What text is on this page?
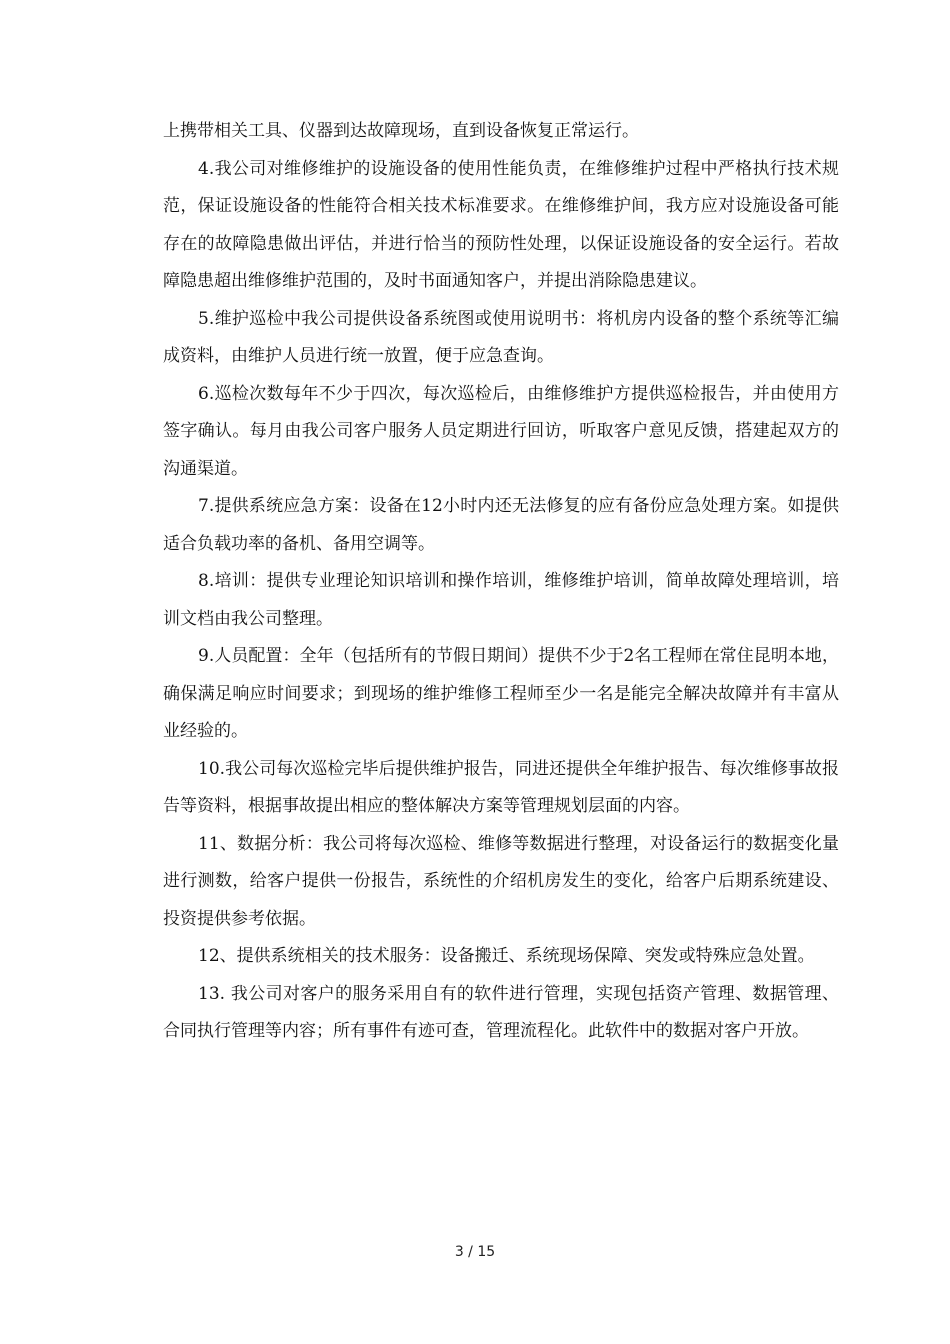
上携带相关工具、仪器到达故障现场，直到设备恢复正常运行。

4.我公司对维修维护的设施设备的使用性能负责，在维修维护过程中严格执行技术规范，保证设施设备的性能符合相关技术标准要求。在维修维护间，我方应对设施设备可能存在的故障隐患做出评估，并进行恰当的预防性处理，以保证设施设备的安全运行。若故障隐患超出维修维护范围的，及时书面通知客户，并提出消除隐患建议。

5.维护巡检中我公司提供设备系统图或使用说明书：将机房内设备的整个系统等汇编成资料，由维护人员进行统一放置，便于应急查询。

6.巡检次数每年不少于四次，每次巡检后，由维修维护方提供巡检报告，并由使用方签字确认。每月由我公司客户服务人员定期进行回访，听取客户意见反馈，搭建起双方的沟通渠道。

7.提供系统应急方案：设备在12小时内还无法修复的应有备份应急处理方案。如提供适合负载功率的备机、备用空调等。

8.培训：提供专业理论知识培训和操作培训，维修维护培训，简单故障处理培训，培训文档由我公司整理。

9.人员配置：全年（包括所有的节假日期间）提供不少于2名工程师在常住昆明本地，确保满足响应时间要求；到现场的维护维修工程师至少一名是能完全解决故障并有丰富从业经验的。

10.我公司每次巡检完毕后提供维护报告，同进还提供全年维护报告、每次维修事故报告等资料，根据事故提出相应的整体解决方案等管理规划层面的内容。

11、数据分析：我公司将每次巡检、维修等数据进行整理，对设备运行的数据变化量进行测数，给客户提供一份报告，系统性的介绍机房发生的变化，给客户后期系统建设、投资提供参考依据。

12、提供系统相关的技术服务：设备搬迁、系统现场保障、突发或特殊应急处置。

13. 我公司对客户的服务采用自有的软件进行管理，实现包括资产管理、数据管理、合同执行管理等内容；所有事件有迹可查，管理流程化。此软件中的数据对客户开放。

3 / 15
